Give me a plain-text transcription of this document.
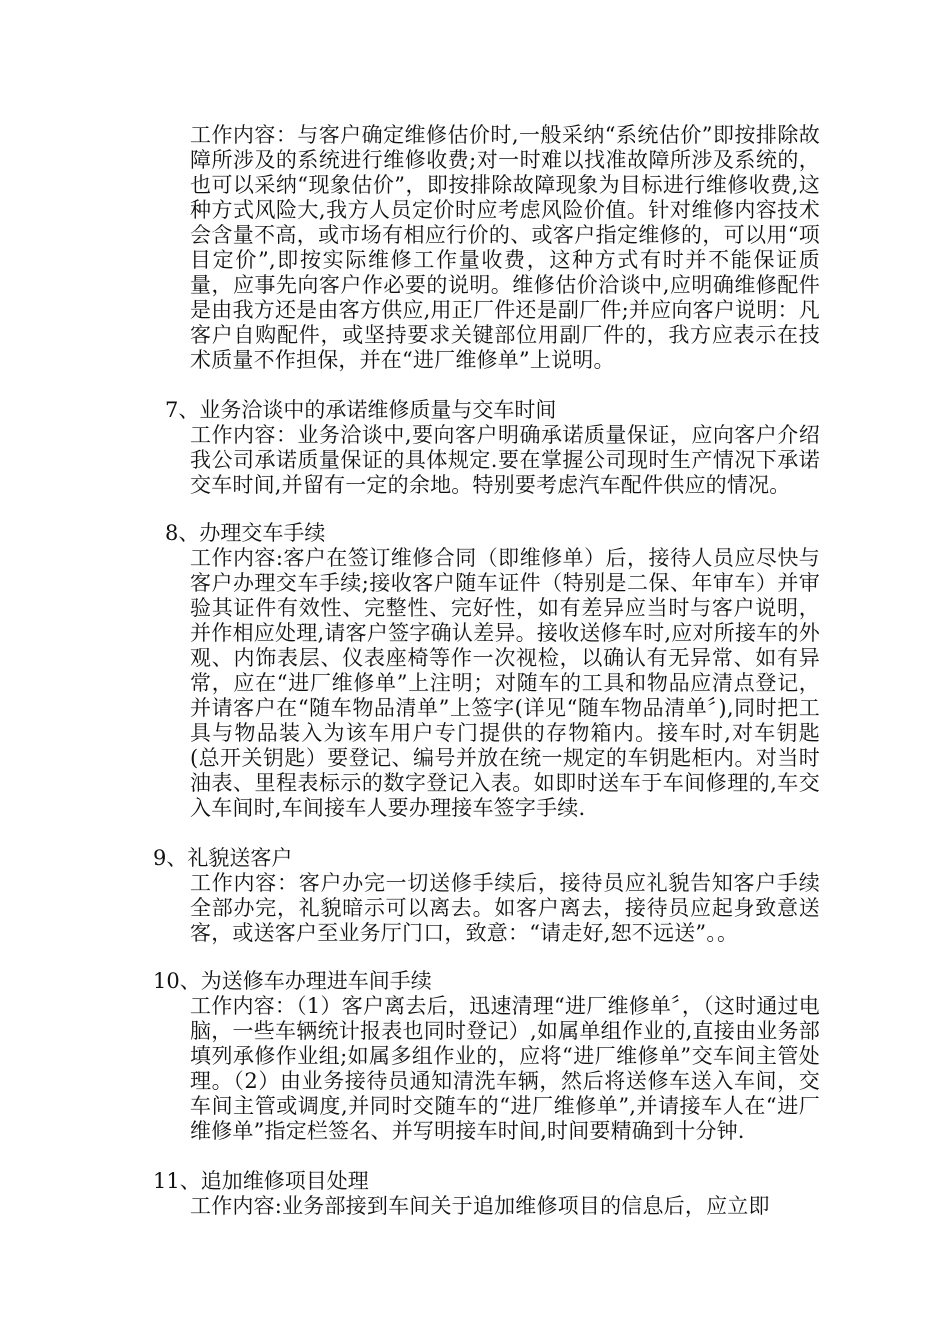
工作内容：与客户确定维修估价时,一般采纳“系统估价”即按排除故障所涉及的系统进行维修收费;对一时难以找准故障所涉及系统的，也可以采纳“现象估价”，即按排除故障现象为目标进行维修收费,这种方式风险大,我方人员定价时应考虑风险价值。针对维修内容技术会含量不高，或市场有相应行价的、或客户指定维修的，可以用“项目定价”,即按实际维修工作量收费，这种方式有时并不能保证质量，应事先向客户作必要的说明。维修估价洽谈中,应明确维修配件是由我方还是由客方供应,用正厂件还是副厂件;并应向客户说明：凡客户自购配件，或坚持要求关键部位用副厂件的，我方应表示在技术质量不作担保，并在“进厂维修单”上说明。

7、业务洽谈中的承诺维修质量与交车时间

工作内容：业务洽谈中,要向客户明确承诺质量保证，应向客户介绍我公司承诺质量保证的具体规定.要在掌握公司现时生产情况下承诺交车时间,并留有一定的余地。特别要考虑汽车配件供应的情况。

8、办理交车手续

工作内容:客户在签订维修合同（即维修单）后，接待人员应尽快与客户办理交车手续;接收客户随车证件（特别是二保、年审车）并审验其证件有效性、完整性、完好性，如有差异应当时与客户说明，并作相应处理,请客户签字确认差异。接收送修车时,应对所接车的外观、内饰表层、仪表座椅等作一次视检，以确认有无异常、如有异常，应在“进厂维修单”上注明；对随车的工具和物品应清点登记，并请客户在“随车物品清单”上签字(详见“随车物品清单〞),同时把工具与物品装入为该车用户专门提供的存物箱内。接车时,对车钥匙(总开关钥匙）要登记、编号并放在统一规定的车钥匙柜内。对当时油表、里程表标示的数字登记入表。如即时送车于车间修理的,车交入车间时,车间接车人要办理接车签字手续.

9、礼貌送客户

工作内容：客户办完一切送修手续后，接待员应礼貌告知客户手续全部办完，礼貌暗示可以离去。如客户离去，接待员应起身致意送客，或送客户至业务厅门口，致意：“请走好,恕不远送”。。

10、为送修车办理进车间手续

工作内容：（1）客户离去后，迅速清理“进厂维修单〞，（这时通过电脑，一些车辆统计报表也同时登记）,如属单组作业的,直接由业务部填列承修作业组;如属多组作业的，应将“进厂维修单”交车间主管处理。（2）由业务接待员通知清洗车辆，然后将送修车送入车间，交车间主管或调度,并同时交随车的“进厂维修单”,并请接车人在“进厂维修单”指定栏签名、并写明接车时间,时间要精确到十分钟.

11、追加维修项目处理

工作内容:业务部接到车间关于追加维修项目的信息后，应立即
